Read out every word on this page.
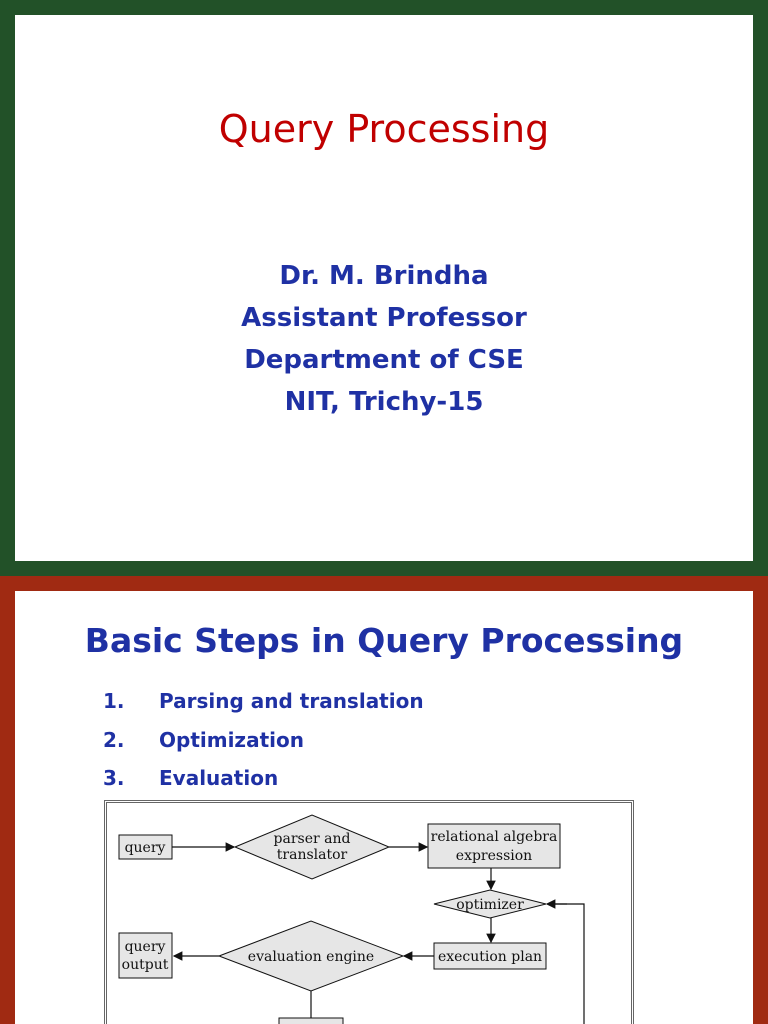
Query Processing
Dr. M. Brindha
Assistant Professor
Department of CSE
NIT, Trichy-15
Basic Steps in Query Processing
1.	Parsing and translation
2.	Optimization
3.	Evaluation
query
parser and
translator
relational algebra
expression
optimizer
execution plan
evaluation engine
query
output
